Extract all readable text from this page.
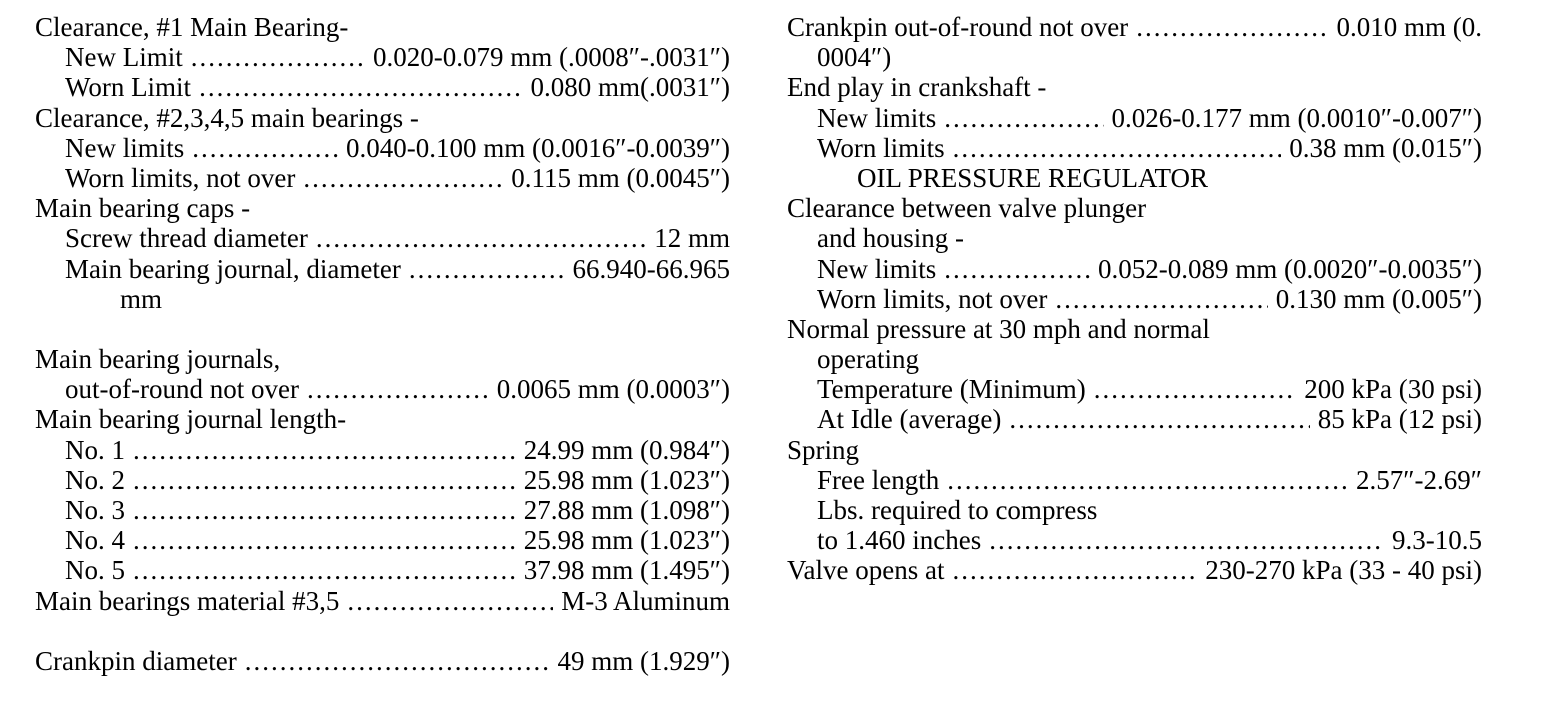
Clearance, #1 Main Bearing-
New Limit .....	0.020-0.079 mm (.0008″-.0031″)
Worn Limit .....	0.080 mm(.0031″)
Clearance, #2,3,4,5 main bearings -
New limits .....	0.040-0.100 mm (0.0016″-0.0039″)
Worn limits, not over .....	0.115 mm (0.0045″)
Main bearing caps -
Screw thread diameter .....	12 mm
Main bearing journal, diameter .....	66.940-66.965
mm
Main bearing journals,
out-of-round not over .....	0.0065 mm (0.0003″)
Main bearing journal length-
No. 1 .....	24.99 mm (0.984″)
No. 2 .....	25.98 mm (1.023″)
No. 3 .....	27.88 mm (1.098″)
No. 4 .....	25.98 mm (1.023″)
No. 5 .....	37.98 mm (1.495″)
Main bearings material #3,5 .....	M-3 Aluminum
Crankpin diameter .....	49 mm (1.929″)
Crankpin out-of-round not over .....	0.010 mm (0.
0004″)
End play in crankshaft -
New limits .....	0.026-0.177 mm (0.0010″-0.007″)
Worn limits .....	0.38 mm (0.015″)
OIL PRESSURE REGULATOR
Clearance between valve plunger
and housing -
New limits .....	0.052-0.089 mm (0.0020″-0.0035″)
Worn limits, not over .....	0.130 mm (0.005″)
Normal pressure at 30 mph and normal
operating
Temperature (Minimum) .....	200 kPa (30 psi)
At Idle (average) .....	85 kPa (12 psi)
Spring
Free length .....	2.57″-2.69″
Lbs. required to compress
to 1.460 inches .....	9.3-10.5
Valve opens at .....	230-270 kPa (33 - 40 psi)
